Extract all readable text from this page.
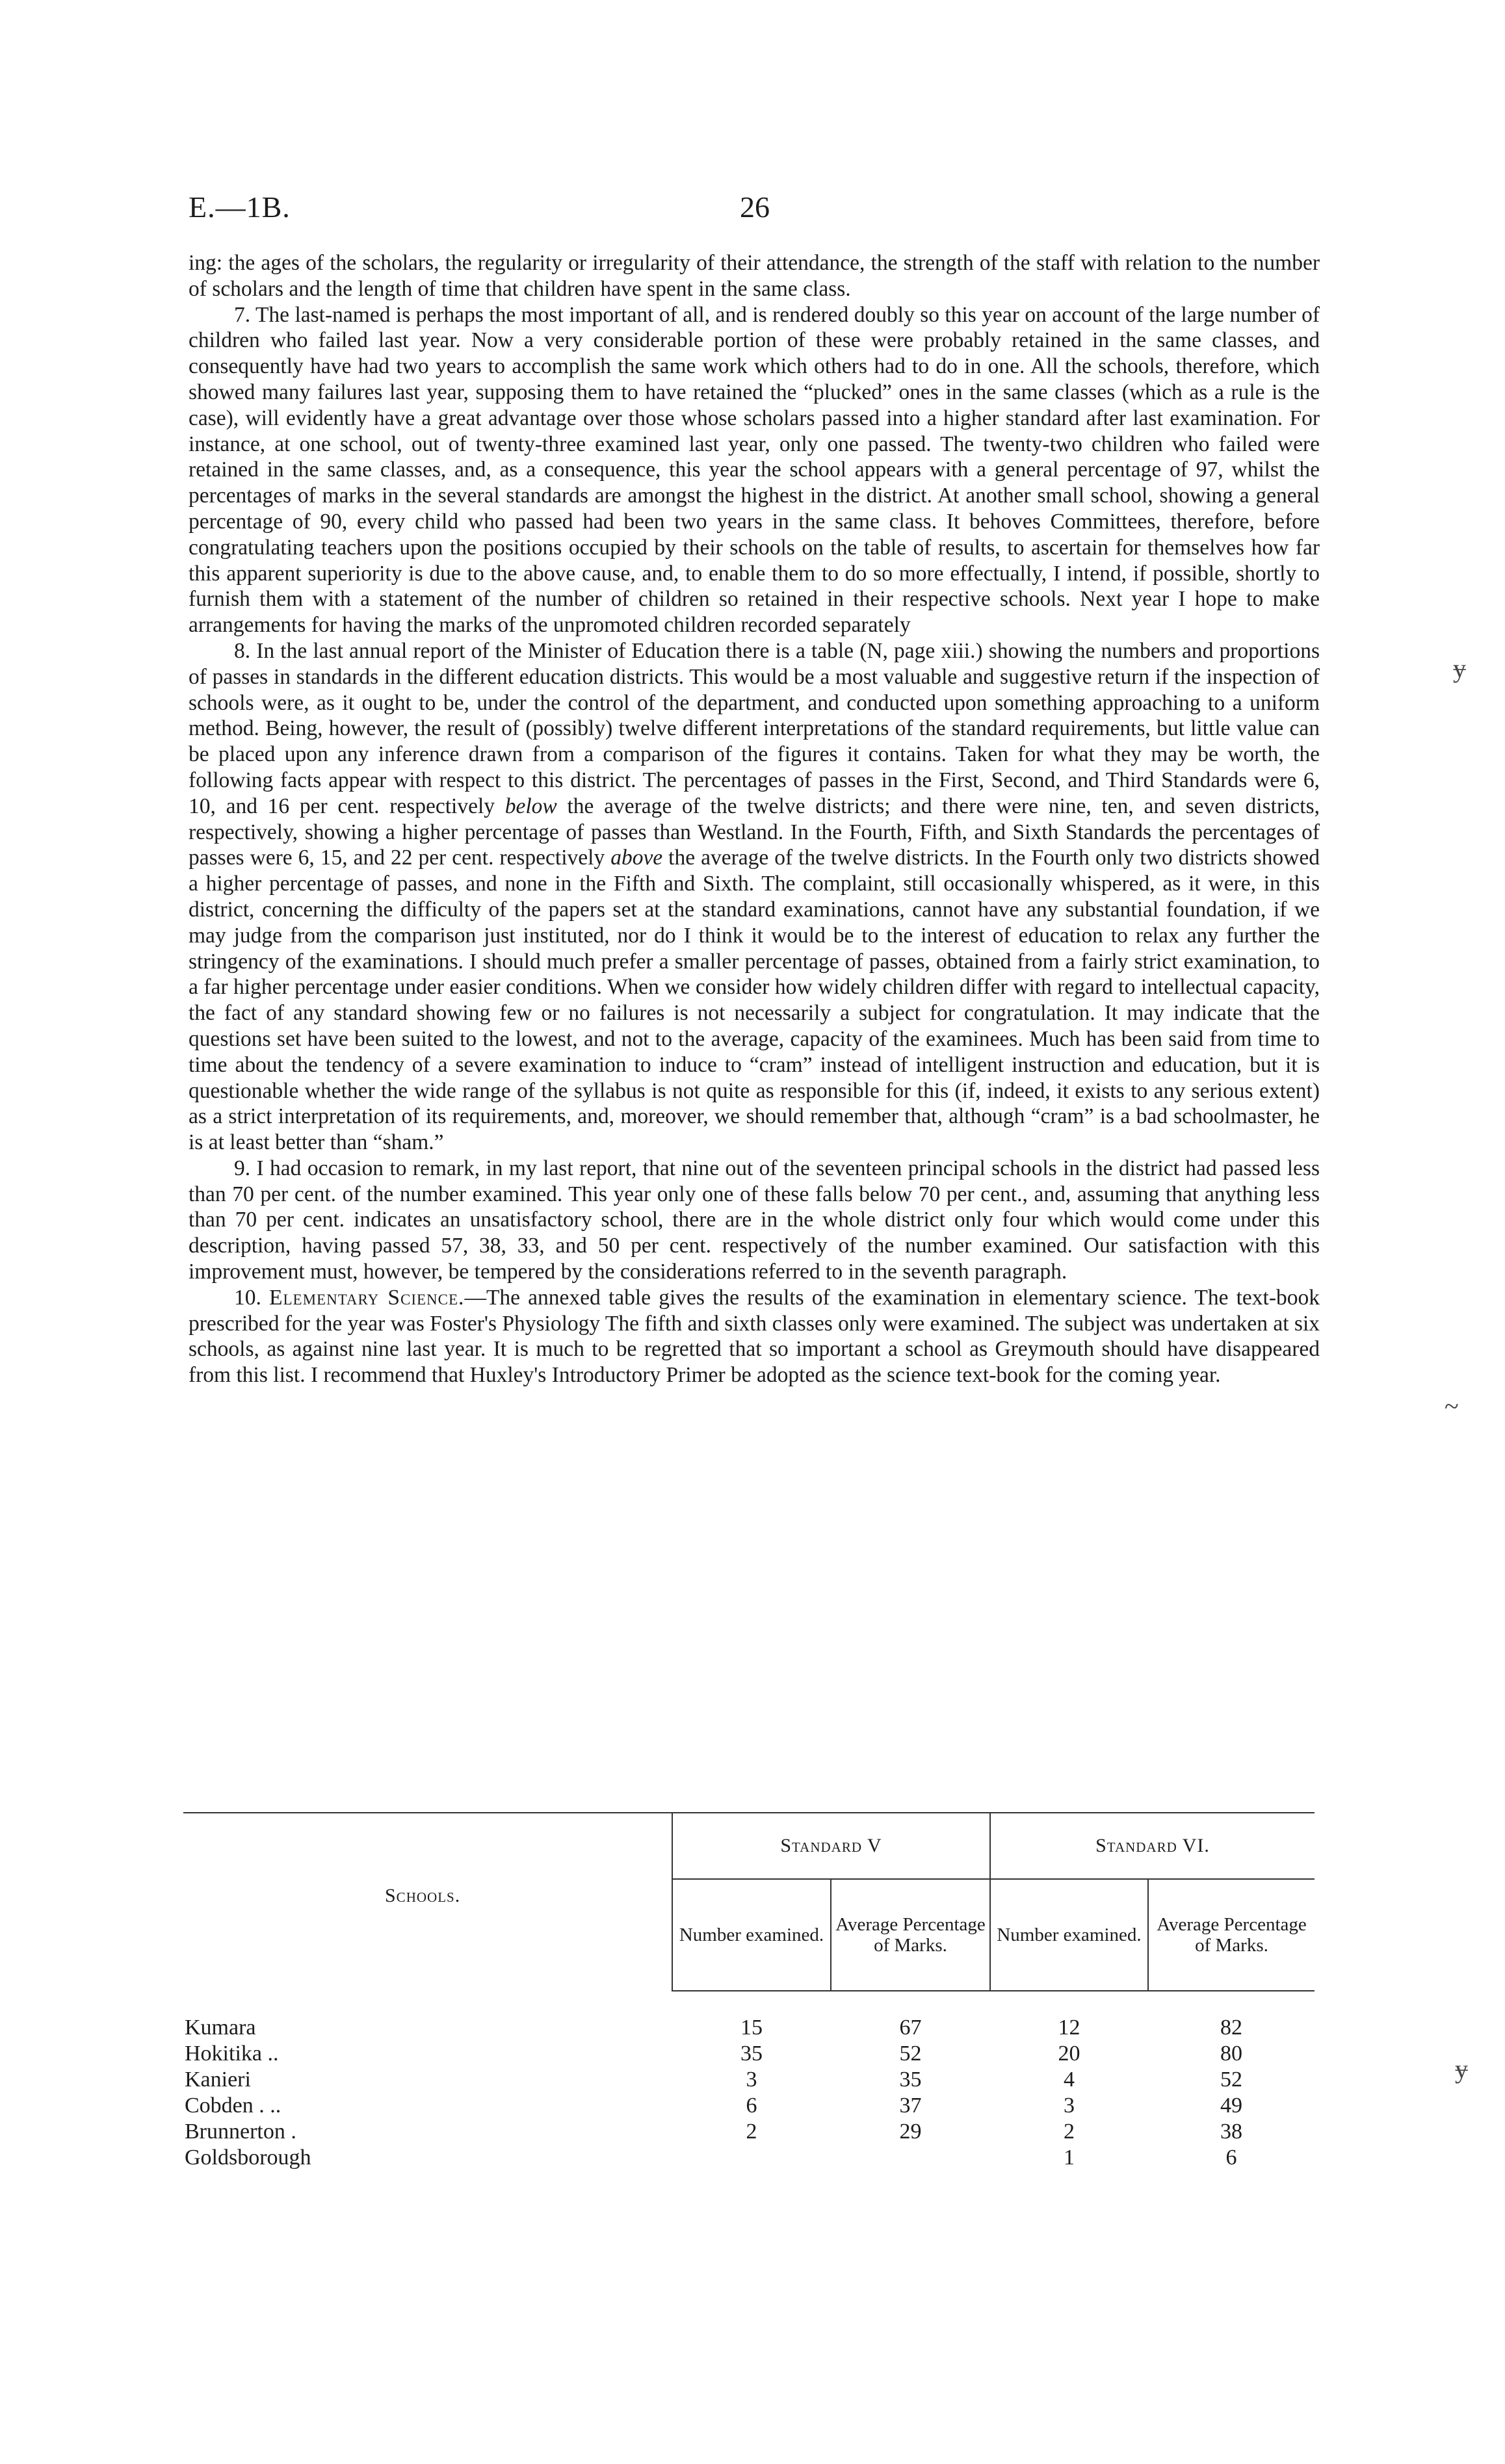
E.—1B.	26

ing: the ages of the scholars, the regularity or irregularity of their attendance, the strength of the staff with relation to the number of scholars and the length of time that children have spent in the same class.

7. The last-named is perhaps the most important of all, and is rendered doubly so this year on account of the large number of children who failed last year. Now a very considerable portion of these were probably retained in the same classes, and consequently have had two years to accomplish the same work which others had to do in one. All the schools, therefore, which showed many failures last year, supposing them to have retained the “plucked” ones in the same classes (which as a rule is the case), will evidently have a great advantage over those whose scholars passed into a higher standard after last examination. For instance, at one school, out of twenty-three examined last year, only one passed. The twenty-two children who failed were retained in the same classes, and, as a consequence, this year the school appears with a general percentage of 97, whilst the percentages of marks in the several standards are amongst the highest in the district. At another small school, showing a general percentage of 90, every child who passed had been two years in the same class. It behoves Committees, therefore, before congratulating teachers upon the positions occupied by their schools on the table of results, to ascertain for themselves how far this apparent superiority is due to the above cause, and, to enable them to do so more effectually, I intend, if possible, shortly to furnish them with a statement of the number of children so retained in their respective schools. Next year I hope to make arrangements for having the marks of the unpromoted children recorded separately

8. In the last annual report of the Minister of Education there is a table (N, page xiii.) showing the numbers and proportions of passes in standards in the different education districts. This would be a most valuable and suggestive return if the inspection of schools were, as it ought to be, under the control of the department, and conducted upon something approaching to a uniform method. Being, however, the result of (possibly) twelve different interpretations of the standard requirements, but little value can be placed upon any inference drawn from a comparison of the figures it contains. Taken for what they may be worth, the following facts appear with respect to this district. The percentages of passes in the First, Second, and Third Standards were 6, 10, and 16 per cent. respectively below the average of the twelve districts; and there were nine, ten, and seven districts, respectively, showing a higher percentage of passes than Westland. In the Fourth, Fifth, and Sixth Standards the percentages of passes were 6, 15, and 22 per cent. respectively above the average of the twelve districts. In the Fourth only two districts showed a higher percentage of passes, and none in the Fifth and Sixth. The complaint, still occasionally whispered, as it were, in this district, concerning the difficulty of the papers set at the standard examinations, cannot have any substantial foundation, if we may judge from the comparison just instituted, nor do I think it would be to the interest of education to relax any further the stringency of the examinations. I should much prefer a smaller percentage of passes, obtained from a fairly strict examination, to a far higher percentage under easier conditions. When we consider how widely children differ with regard to intellectual capacity, the fact of any standard showing few or no failures is not necessarily a subject for congratulation. It may indicate that the questions set have been suited to the lowest, and not to the average, capacity of the examinees. Much has been said from time to time about the tendency of a severe examination to induce to “cram” instead of intelligent instruction and education, but it is questionable whether the wide range of the syllabus is not quite as responsible for this (if, indeed, it exists to any serious extent) as a strict interpretation of its requirements, and, moreover, we should remember that, although “cram” is a bad schoolmaster, he is at least better than “sham.”

9. I had occasion to remark, in my last report, that nine out of the seventeen principal schools in the district had passed less than 70 per cent. of the number examined. This year only one of these falls below 70 per cent., and, assuming that anything less than 70 per cent. indicates an unsatisfactory school, there are in the whole district only four which would come under this description, having passed 57, 38, 33, and 50 per cent. respectively of the number examined. Our satisfaction with this improvement must, however, be tempered by the considerations referred to in the seventh paragraph.

10. Elementary Science.—The annexed table gives the results of the examination in elementary science. The text-book prescribed for the year was Foster's Physiology The fifth and sixth classes only were examined. The subject was undertaken at six schools, as against nine last year. It is much to be regretted that so important a school as Greymouth should have disappeared from this list. I recommend that Huxley's Introductory Primer be adopted as the science text-book for the coming year.

Schools.	Standard V		Standard VI.	
	Number examined.	Average Percentage of Marks.	Number examined.	Average Percentage of Marks.

Kumara	15	67	12	82
Hokitika ..	35	52	20	80
Kanieri	3	35	4	52
Cobden . ..	6	37	3	49
Brunnerton .	2	29	2	38
Goldsborough			1	6
ɏ
~
ɏ
